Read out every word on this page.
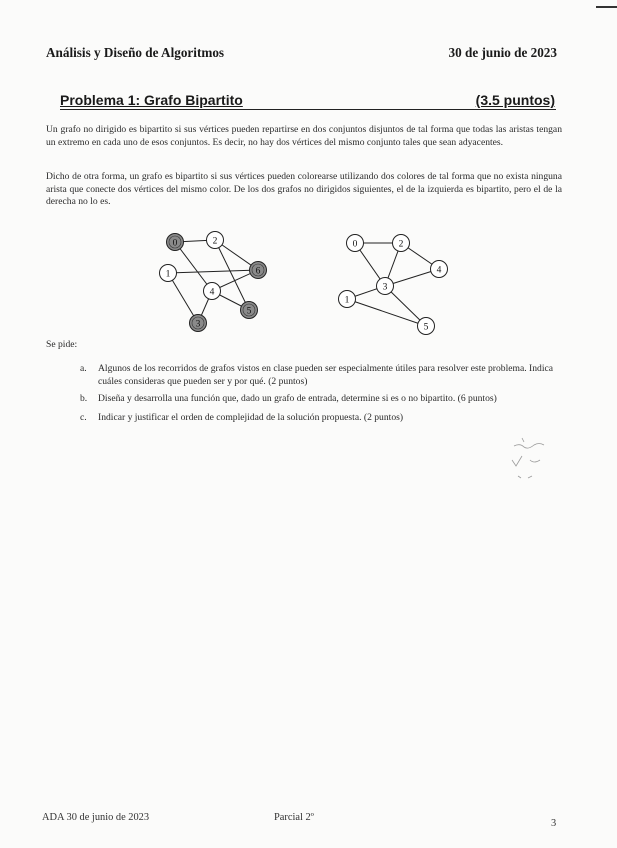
Análisis y Diseño de Algoritmos	30 de junio de 2023
Problema 1: Grafo Bipartito	(3.5 puntos)
Un grafo no dirigido es bipartito si sus vértices pueden repartirse en dos conjuntos disjuntos de tal forma que todas las aristas tengan un extremo en cada uno de esos conjuntos. Es decir, no hay dos vértices del mismo conjunto tales que sean adyacentes.
Dicho de otra forma, un grafo es bipartito si sus vértices pueden colorearse utilizando dos colores de tal forma que no exista ninguna arista que conecte dos vértices del mismo color. De los dos grafos no dirigidos siguientes, el de la izquierda es bipartito, pero el de la derecha no lo es.
0	2
1	6
4
5
3
0	2
4
3
1
5
Se pide:
a. Algunos de los recorridos de grafos vistos en clase pueden ser especialmente útiles para resolver este problema. Indica cuáles consideras que pueden ser y por qué. (2 puntos)
b. Diseña y desarrolla una función que, dado un grafo de entrada, determine si es o no bipartito. (6 puntos)
c. Indicar y justificar el orden de complejidad de la solución propuesta. (2 puntos)
ADA 30 de junio de 2023	Parcial 2º
3
